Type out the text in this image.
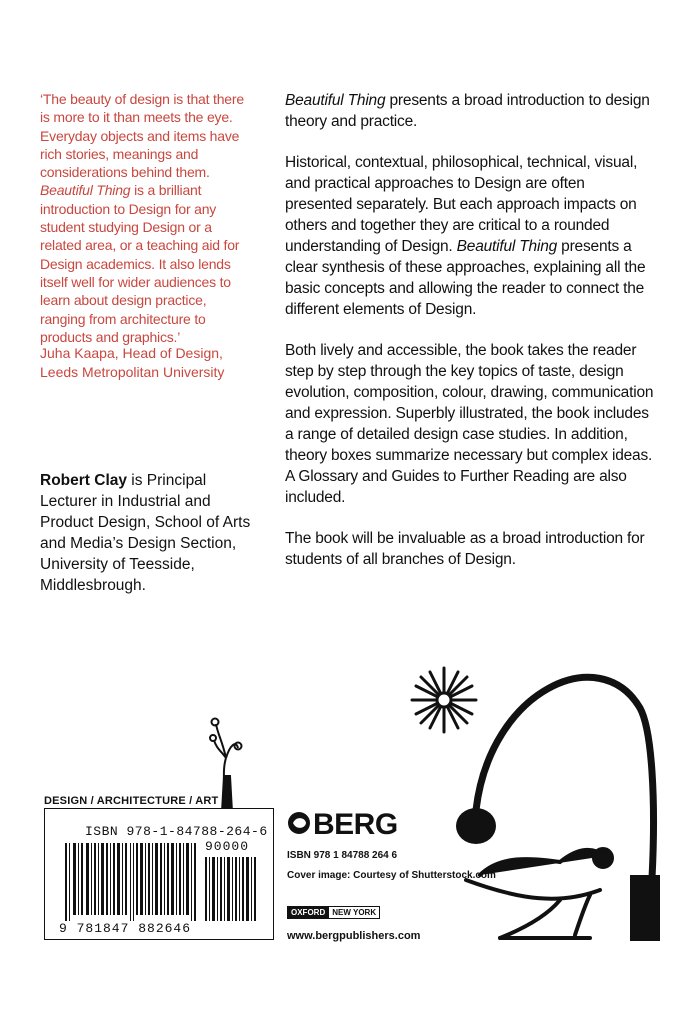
‘The beauty of design is that there is more to it than meets the eye. Everyday objects and items have rich stories, meanings and considerations behind them. Beautiful Thing is a brilliant introduction to Design for any student studying Design or a related area, or a teaching aid for Design academics. It also lends itself well for wider audiences to learn about design practice, ranging from architecture to products and graphics.’
Juha Kaapa, Head of Design,
Leeds Metropolitan University
Robert Clay is Principal Lecturer in Industrial and Product Design, School of Arts and Media’s Design Section, University of Teesside, Middlesbrough.

Beautiful Thing presents a broad introduction to design theory and practice.

Historical, contextual, philosophical, technical, visual, and practical approaches to Design are often presented separately. But each approach impacts on others and together they are critical to a rounded understanding of Design. Beautiful Thing presents a clear synthesis of these approaches, explaining all the basic concepts and allowing the reader to connect the different elements of Design.

Both lively and accessible, the book takes the reader step by step through the key topics of taste, design evolution, composition, colour, drawing, communication and expression. Superbly illustrated, the book includes a range of detailed design case studies. In addition, theory boxes summarize necessary but complex ideas. A Glossary and Guides to Further Reading are also included.

The book will be invaluable as a broad introduction for students of all branches of Design.

DESIGN / ARCHITECTURE / ART
ISBN 978-1-84788-264-6
90000
9 781847 882646
BERG
ISBN 978 1 84788 264 6
Cover image: Courtesy of Shutterstock.com
OXFORD NEW YORK
www.bergpublishers.com
